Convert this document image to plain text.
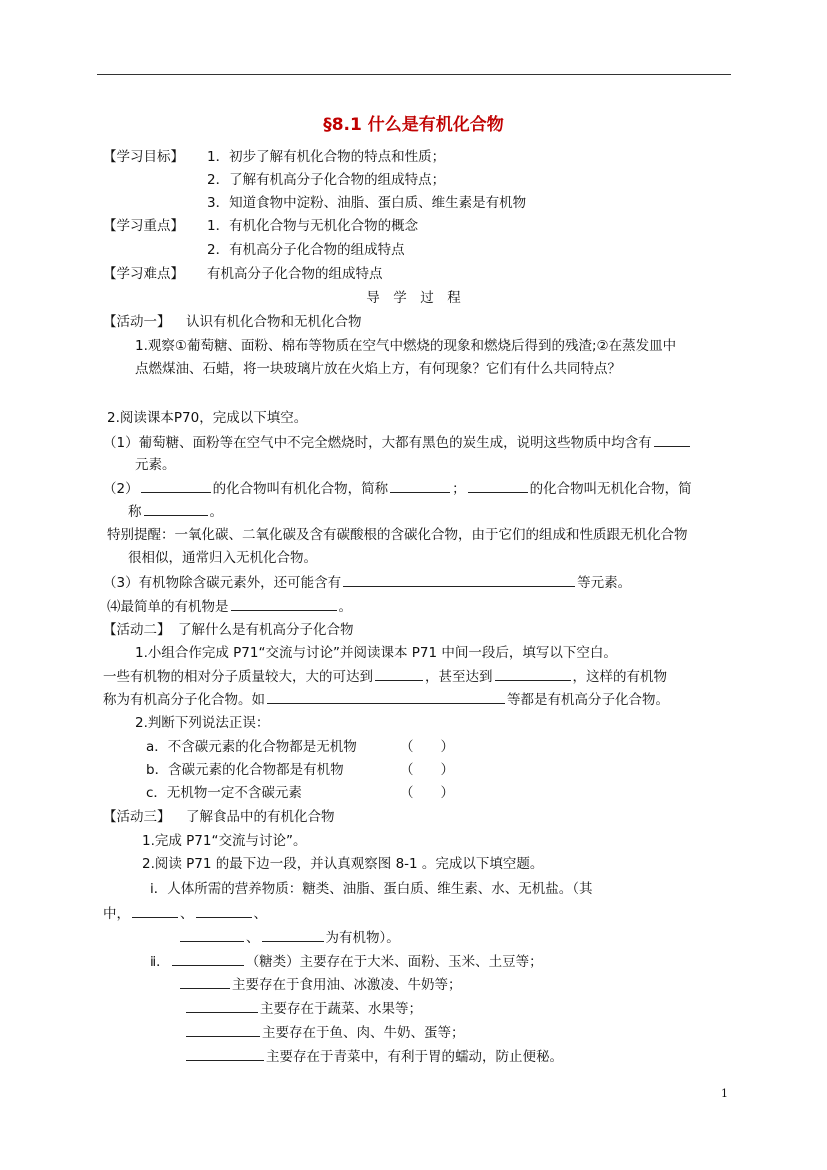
§8.1 什么是有机化合物
【学习目标】 1．初步了解有机化合物的特点和性质；
2．了解有机高分子化合物的组成特点；
3．知道食物中淀粉、油脂、蛋白质、维生素是有机物
【学习重点】 1．有机化合物与无机化合物的概念
2．有机高分子化合物的组成特点
【学习难点】 有机高分子化合物的组成特点
导　学　过　程
【活动一】 认识有机化合物和无机化合物
1.观察①葡萄糖、面粉、棉布等物质在空气中燃烧的现象和燃烧后得到的残渣;②在蒸发皿中
点燃煤油、石蜡，将一块玻璃片放在火焰上方，有何现象？它们有什么共同特点？
2.阅读课本P70，完成以下填空。
（1）葡萄糖、面粉等在空气中不完全燃烧时，大都有黑色的炭生成，说明这些物质中均含有
元素。
（2）	的化合物叫有机化合物，简称	；	的化合物叫无机化合物，简
称	。
特别提醒：一氧化碳、二氧化碳及含有碳酸根的含碳化合物，由于它们的组成和性质跟无机化合物
很相似，通常归入无机化合物。
（3）有机物除含碳元素外，还可能含有	等元素。
⑷最简单的有机物是	。
【活动二】 了解什么是有机高分子化合物
1.小组合作完成 P71“交流与讨论”并阅读课本 P71 中间一段后，填写以下空白。
一些有机物的相对分子质量较大，大的可达到	，甚至达到	，这样的有机物
称为有机高分子化合物。如	等都是有机高分子化合物。
2.判断下列说法正误：
a．不含碳元素的化合物都是无机物	（　　）
b．含碳元素的化合物都是有机物	（　　）
c．无机物一定不含碳元素	（　　）
【活动三】 了解食品中的有机化合物
1.完成 P71“交流与讨论”。
2.阅读 P71 的最下边一段，并认真观察图 8-1 。完成以下填空题。
ⅰ．人体所需的营养物质：糖类、油脂、蛋白质、维生素、水、无机盐。（其
中，	、	、
、	为有机物）。
ⅱ．	（糖类）主要存在于大米、面粉、玉米、土豆等；
主要存在于食用油、冰激凌、牛奶等；
主要存在于蔬菜、水果等；
主要存在于鱼、肉、牛奶、蛋等；
主要存在于青菜中，有利于胃的蠕动，防止便秘。
1
